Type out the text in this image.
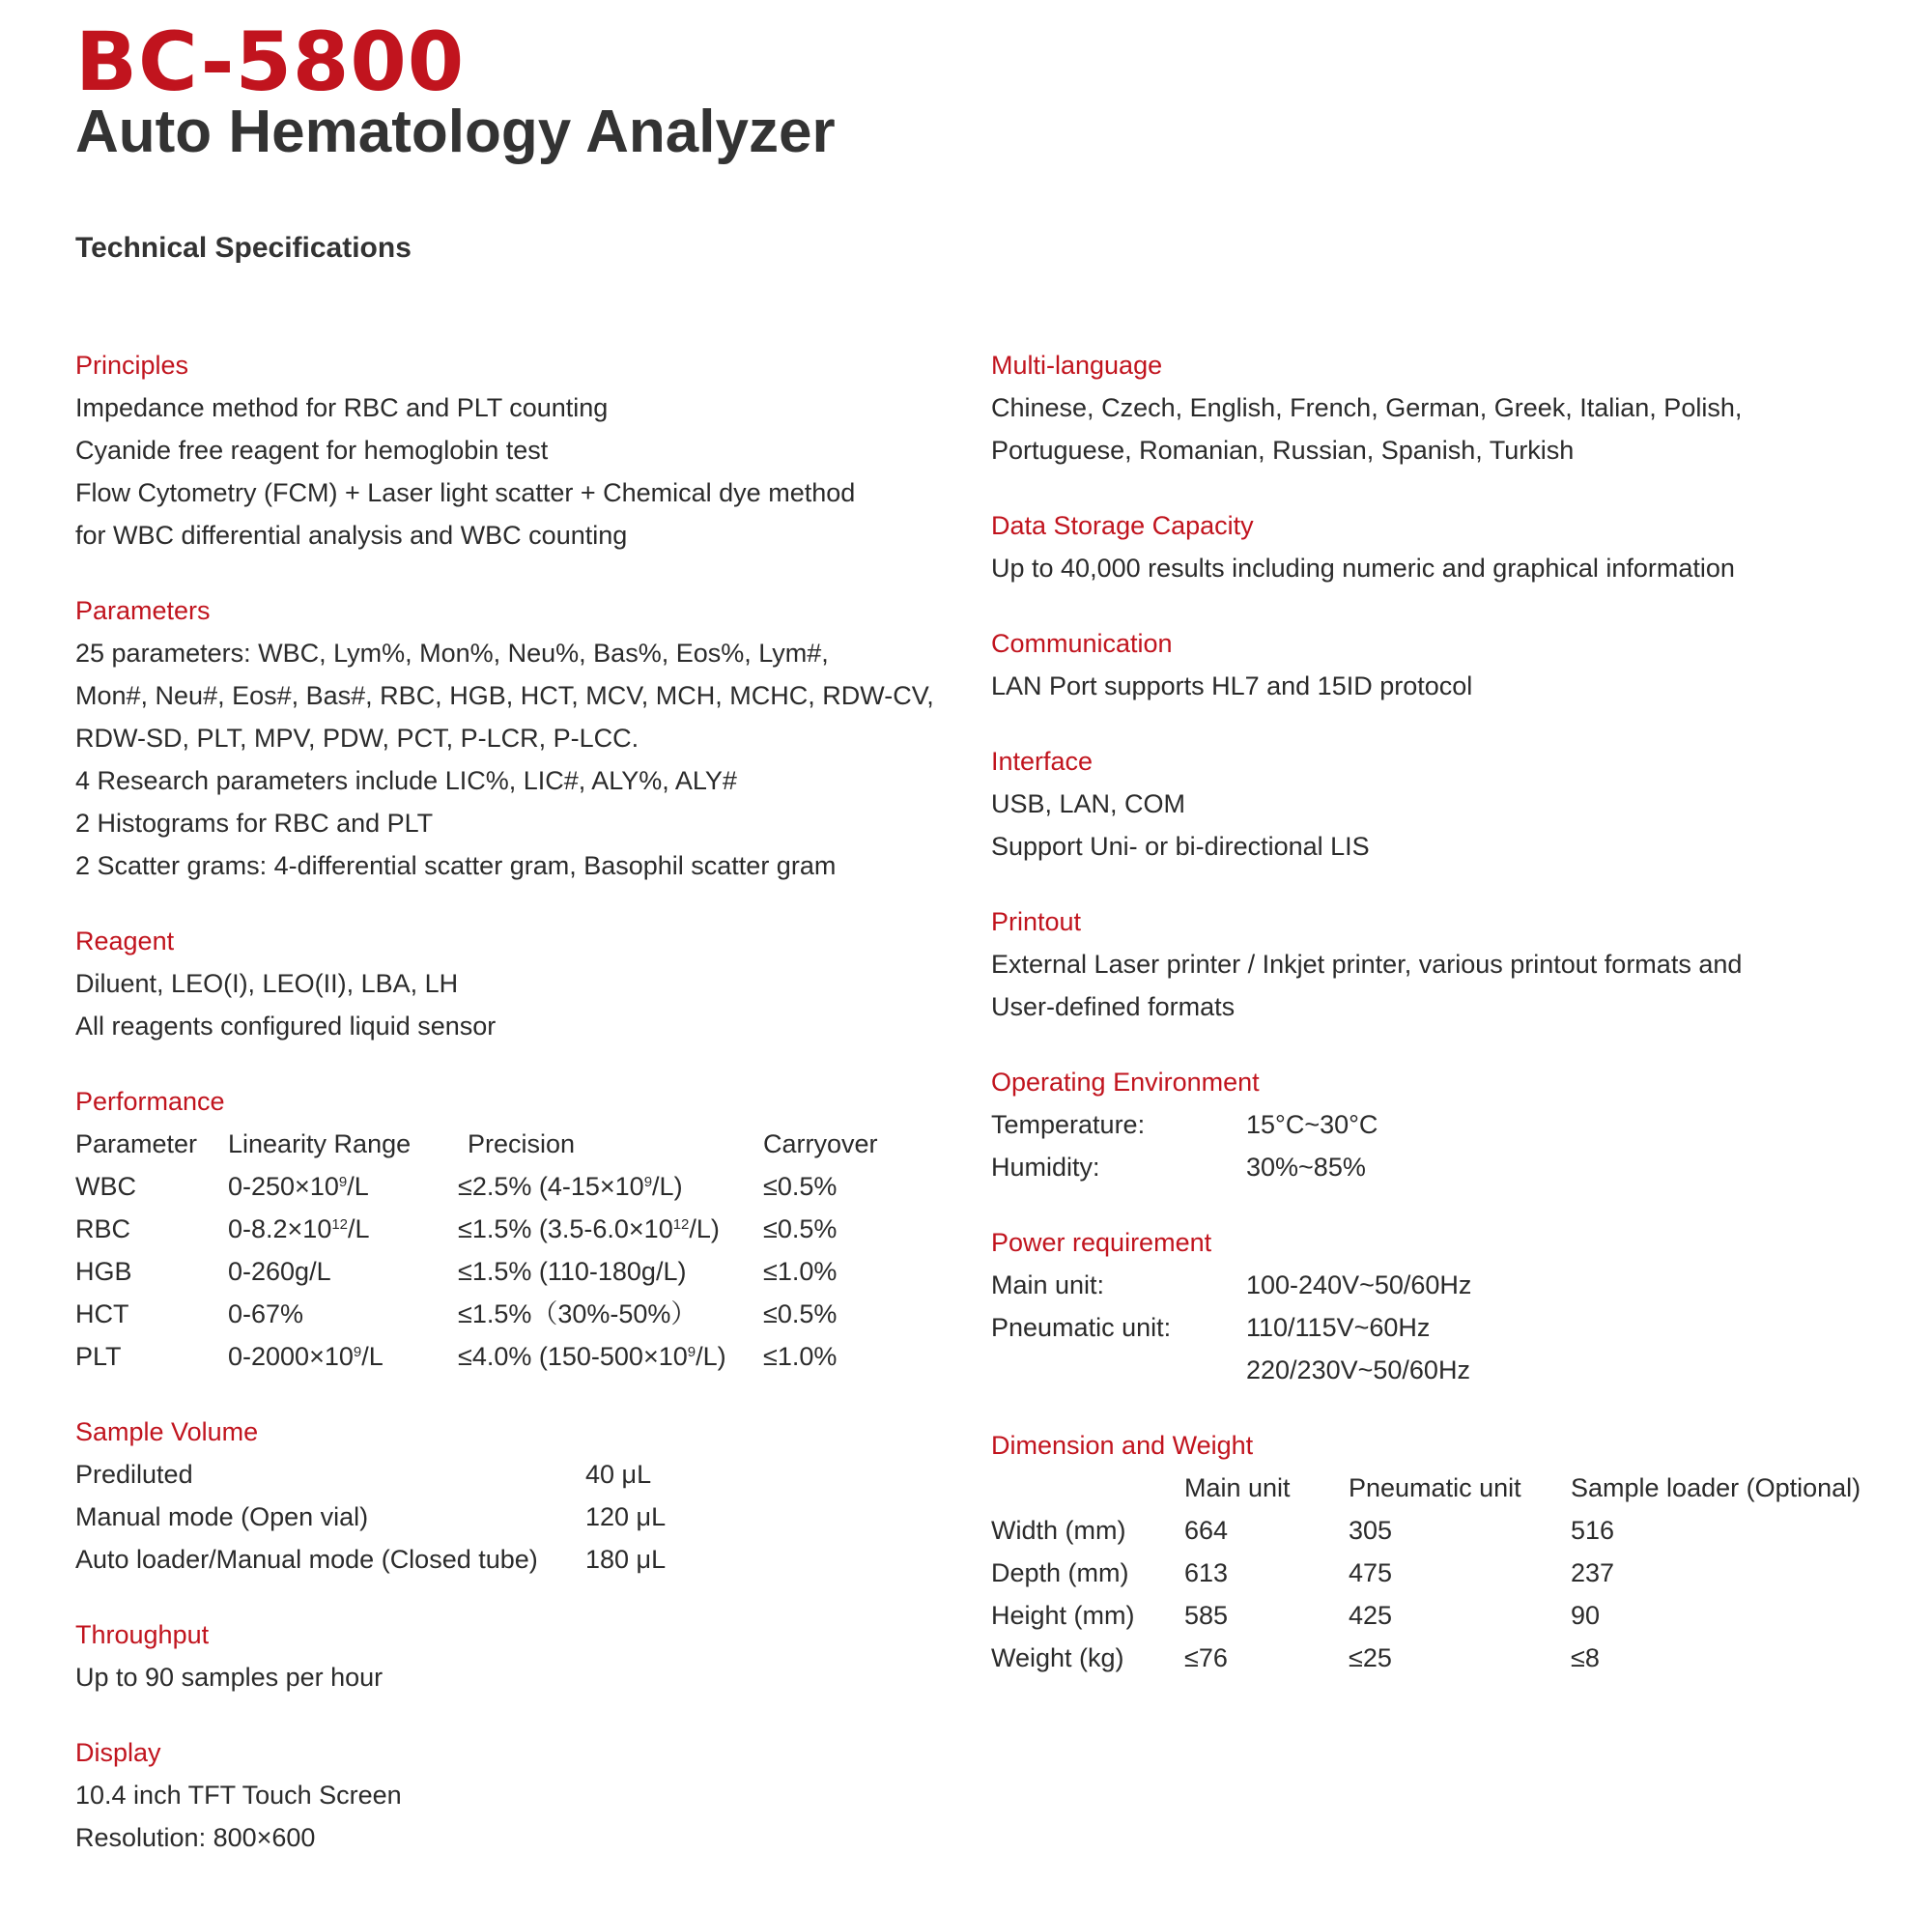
BC-5800
Auto Hematology Analyzer
Technical Specifications
Principles
Impedance method for RBC and PLT counting
Cyanide free reagent for hemoglobin test
Flow Cytometry (FCM) + Laser light scatter + Chemical dye method
for WBC differential analysis and WBC counting
Parameters
25 parameters: WBC, Lym%, Mon%, Neu%, Bas%, Eos%, Lym#,
Mon#, Neu#, Eos#, Bas#, RBC, HGB, HCT, MCV, MCH, MCHC, RDW-CV,
RDW-SD, PLT, MPV, PDW, PCT, P-LCR, P-LCC.
4 Research parameters include LIC%, LIC#, ALY%, ALY#
2 Histograms for RBC and PLT
2 Scatter grams: 4-differential scatter gram, Basophil scatter gram
Reagent
Diluent, LEO(I), LEO(II), LBA, LH
All reagents configured liquid sensor
Performance
Parameter	Linearity Range	Precision	Carryover
WBC	$0-250\times 10^9/L$	≤2.5% $(4-15\times 10^9/L)$	≤0.5%
RBC	$0-8.2\times 10^{12}/L$	≤1.5% $(3.5-6.0\times 10^{12}/L)$	≤0.5%
HGB	0-260g/L	≤1.5% (110-180g/L)	≤1.0%
HCT	0-67%	≤1.5%（30%-50%）	≤0.5%
PLT	$0-2000\times 10^9/L$	≤4.0% $(150-500\times 10^9/L)$	≤1.0%
Sample Volume
Prediluted	40 μL
Manual mode (Open vial)	120 μL
Auto loader/Manual mode (Closed tube)	180 μL
Throughput
Up to 90 samples per hour
Display
10.4 inch TFT Touch Screen
Resolution: 800×600
Multi-language
Chinese, Czech, English, French, German, Greek, Italian, Polish,
Portuguese, Romanian, Russian, Spanish, Turkish
Data Storage Capacity
Up to 40,000 results including numeric and graphical information
Communication
LAN Port supports HL7 and 15ID protocol
Interface
USB, LAN, COM
Support Uni- or bi-directional LIS
Printout
External Laser printer / Inkjet printer, various printout formats and
User-defined formats
Operating Environment
Temperature:	15°C~30°C
Humidity:	30%~85%
Power requirement
Main unit:	100-240V~50/60Hz
Pneumatic unit:	110/115V~60Hz
	220/230V~50/60Hz
Dimension and Weight
	Main unit	Pneumatic unit	Sample loader (Optional)
Width (mm)	664	305	516
Depth (mm)	613	475	237
Height (mm)	585	425	90
Weight (kg)	≤76	≤25	≤8
